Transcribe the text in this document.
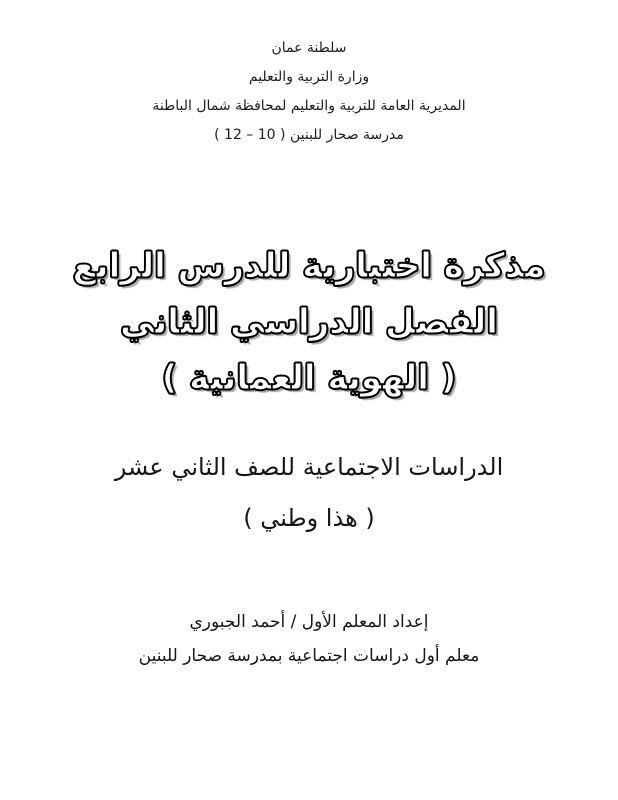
سلطنة عمان
وزارة التربية والتعليم
المديرية العامة للتربية والتعليم لمحافظة شمال الباطنة
مدرسة صحار للبنين ( 10 – 12 )
مذكرة اختبارية للدرس الرابع
الفصل الدراسي الثاني
( الهوية العمانية )
الدراسات الاجتماعية للصف الثاني عشر
( هذا وطني )
إعداد المعلم الأول / أحمد الجبوري
معلم أول دراسات اجتماعية بمدرسة صحار للبنين
